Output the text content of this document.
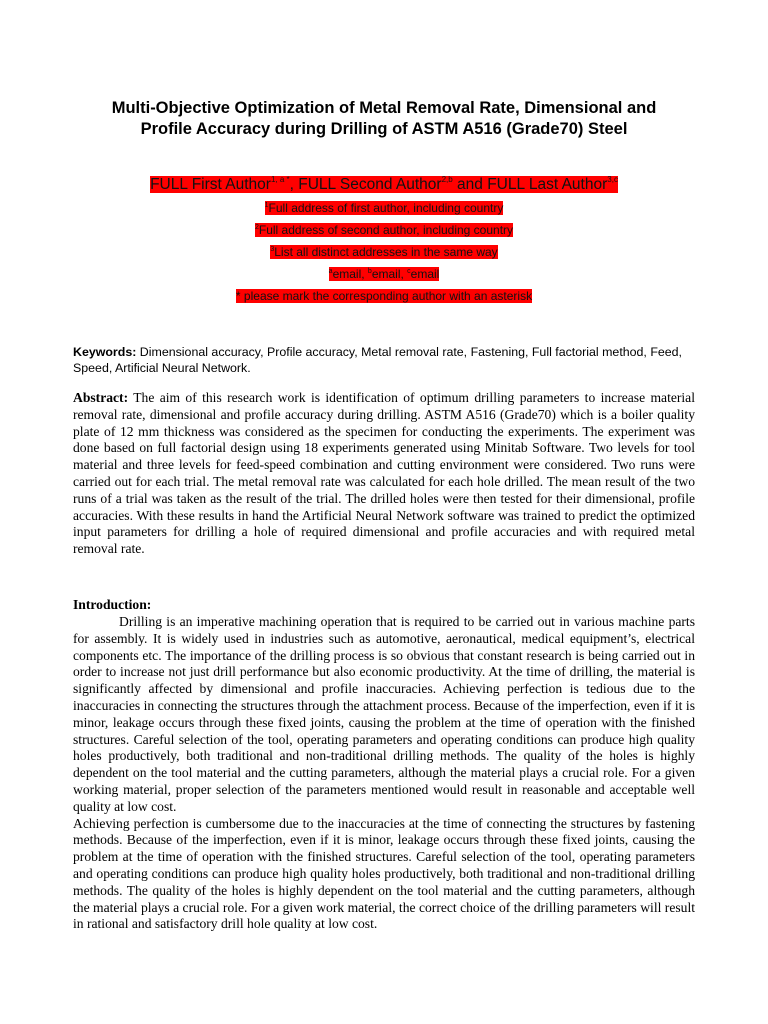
Multi-Objective Optimization of Metal Removal Rate, Dimensional and
Profile Accuracy during Drilling of ASTM A516 (Grade70) Steel
FULL First Author$^{1, a *}$, FULL Second Author$^{2,b}$ and FULL Last Author$^{3,c}$
$^1$Full address of first author, including country
$^2$Full address of second author, including country
$^3$List all distinct addresses in the same way
$^a$email, $^b$email, $^c$email
* please mark the corresponding author with an asterisk
Keywords: Dimensional accuracy, Profile accuracy, Metal removal rate, Fastening, Full factorial method, Feed, Speed, Artificial Neural Network.
Abstract: The aim of this research work is identification of optimum drilling parameters to increase material removal rate, dimensional and profile accuracy during drilling. ASTM A516 (Grade70) which is a boiler quality plate of 12 mm thickness was considered as the specimen for conducting the experiments. The experiment was done based on full factorial design using 18 experiments generated using Minitab Software. Two levels for tool material and three levels for feed-speed combination and cutting environment were considered. Two runs were carried out for each trial. The metal removal rate was calculated for each hole drilled. The mean result of the two runs of a trial was taken as the result of the trial. The drilled holes were then tested for their dimensional, profile accuracies. With these results in hand the Artificial Neural Network software was trained to predict the optimized input parameters for drilling a hole of required dimensional and profile accuracies and with required metal removal rate.
Introduction:

Drilling is an imperative machining operation that is required to be carried out in various machine parts for assembly. It is widely used in industries such as automotive, aeronautical, medical equipment’s, electrical components etc. The importance of the drilling process is so obvious that constant research is being carried out in order to increase not just drill performance but also economic productivity. At the time of drilling, the material is significantly affected by dimensional and profile inaccuracies. Achieving perfection is tedious due to the inaccuracies in connecting the structures through the attachment process. Because of the imperfection, even if it is minor, leakage occurs through these fixed joints, causing the problem at the time of operation with the finished structures. Careful selection of the tool, operating parameters and operating conditions can produce high quality holes productively, both traditional and non-traditional drilling methods. The quality of the holes is highly dependent on the tool material and the cutting parameters, although the material plays a crucial role. For a given working material, proper selection of the parameters mentioned would result in reasonable and acceptable well quality at low cost.

Achieving perfection is cumbersome due to the inaccuracies at the time of connecting the structures by fastening methods. Because of the imperfection, even if it is minor, leakage occurs through these fixed joints, causing the problem at the time of operation with the finished structures. Careful selection of the tool, operating parameters and operating conditions can produce high quality holes productively, both traditional and non-traditional drilling methods. The quality of the holes is highly dependent on the tool material and the cutting parameters, although the material plays a crucial role. For a given work material, the correct choice of the drilling parameters will result in rational and satisfactory drill hole quality at low cost.
